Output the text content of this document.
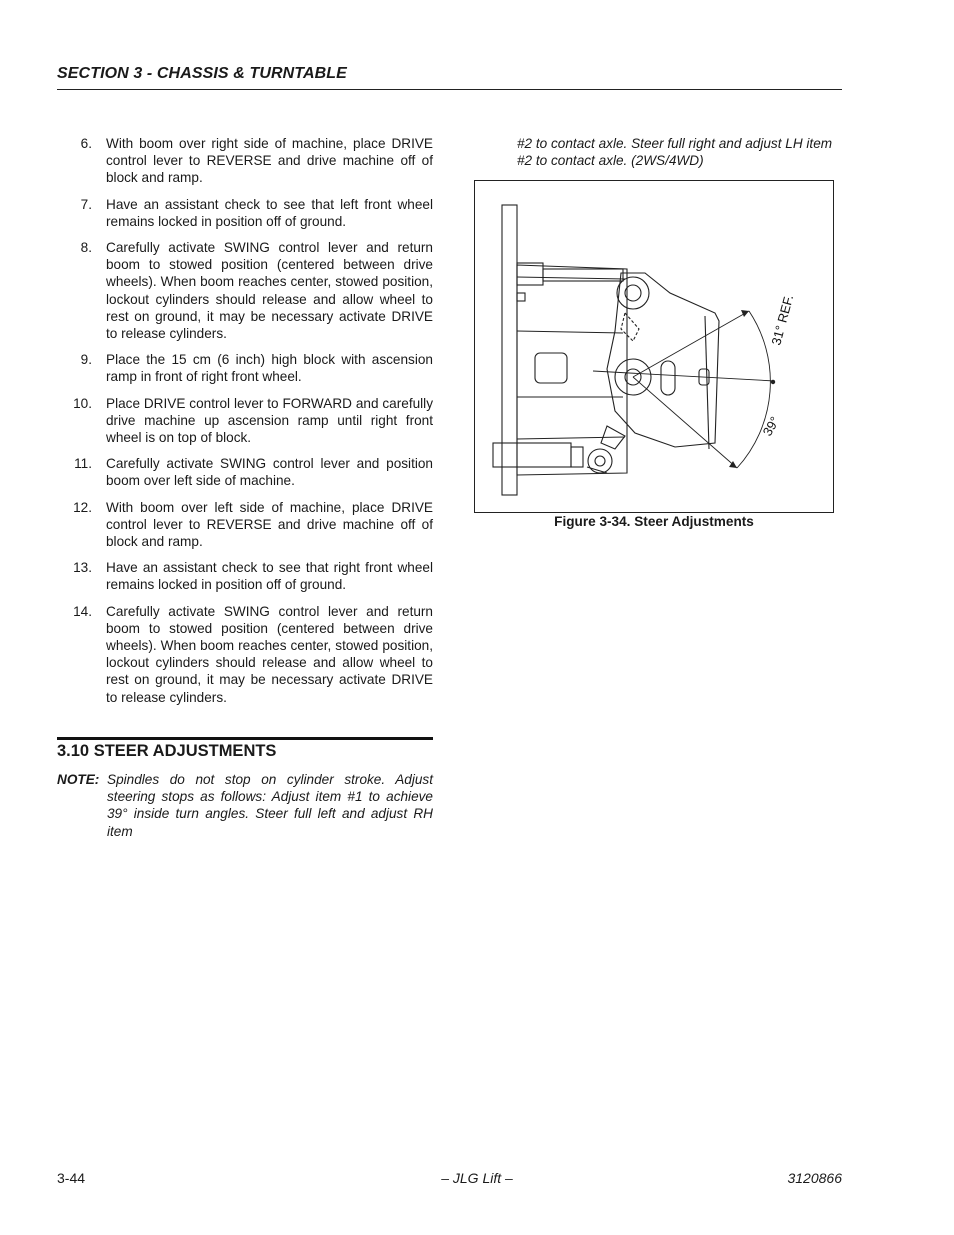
SECTION 3 - CHASSIS & TURNTABLE
6. With boom over right side of machine, place DRIVE control lever to REVERSE and drive machine off of block and ramp.
7. Have an assistant check to see that left front wheel remains locked in position off of ground.
8. Carefully activate SWING control lever and return boom to stowed position (centered between drive wheels). When boom reaches center, stowed position, lockout cylinders should release and allow wheel to rest on ground, it may be necessary activate DRIVE to release cylinders.
9. Place the 15 cm (6 inch) high block with ascension ramp in front of right front wheel.
10. Place DRIVE control lever to FORWARD and carefully drive machine up ascension ramp until right front wheel is on top of block.
11. Carefully activate SWING control lever and position boom over left side of machine.
12. With boom over left side of machine, place DRIVE control lever to REVERSE and drive machine off of block and ramp.
13. Have an assistant check to see that right front wheel remains locked in position off of ground.
14. Carefully activate SWING control lever and return boom to stowed position (centered between drive wheels). When boom reaches center, stowed position, lockout cylinders should release and allow wheel to rest on ground, it may be necessary activate DRIVE to release cylinders.
3.10 STEER ADJUSTMENTS
NOTE: Spindles do not stop on cylinder stroke. Adjust steering stops as follows: Adjust item #1 to achieve 39° inside turn angles. Steer full left and adjust RH item
#2 to contact axle. Steer full right and adjust LH item #2 to contact axle. (2WS/4WD)
31° REF.
39°
Figure 3-34. Steer Adjustments
3-44	– JLG Lift –	3120866
